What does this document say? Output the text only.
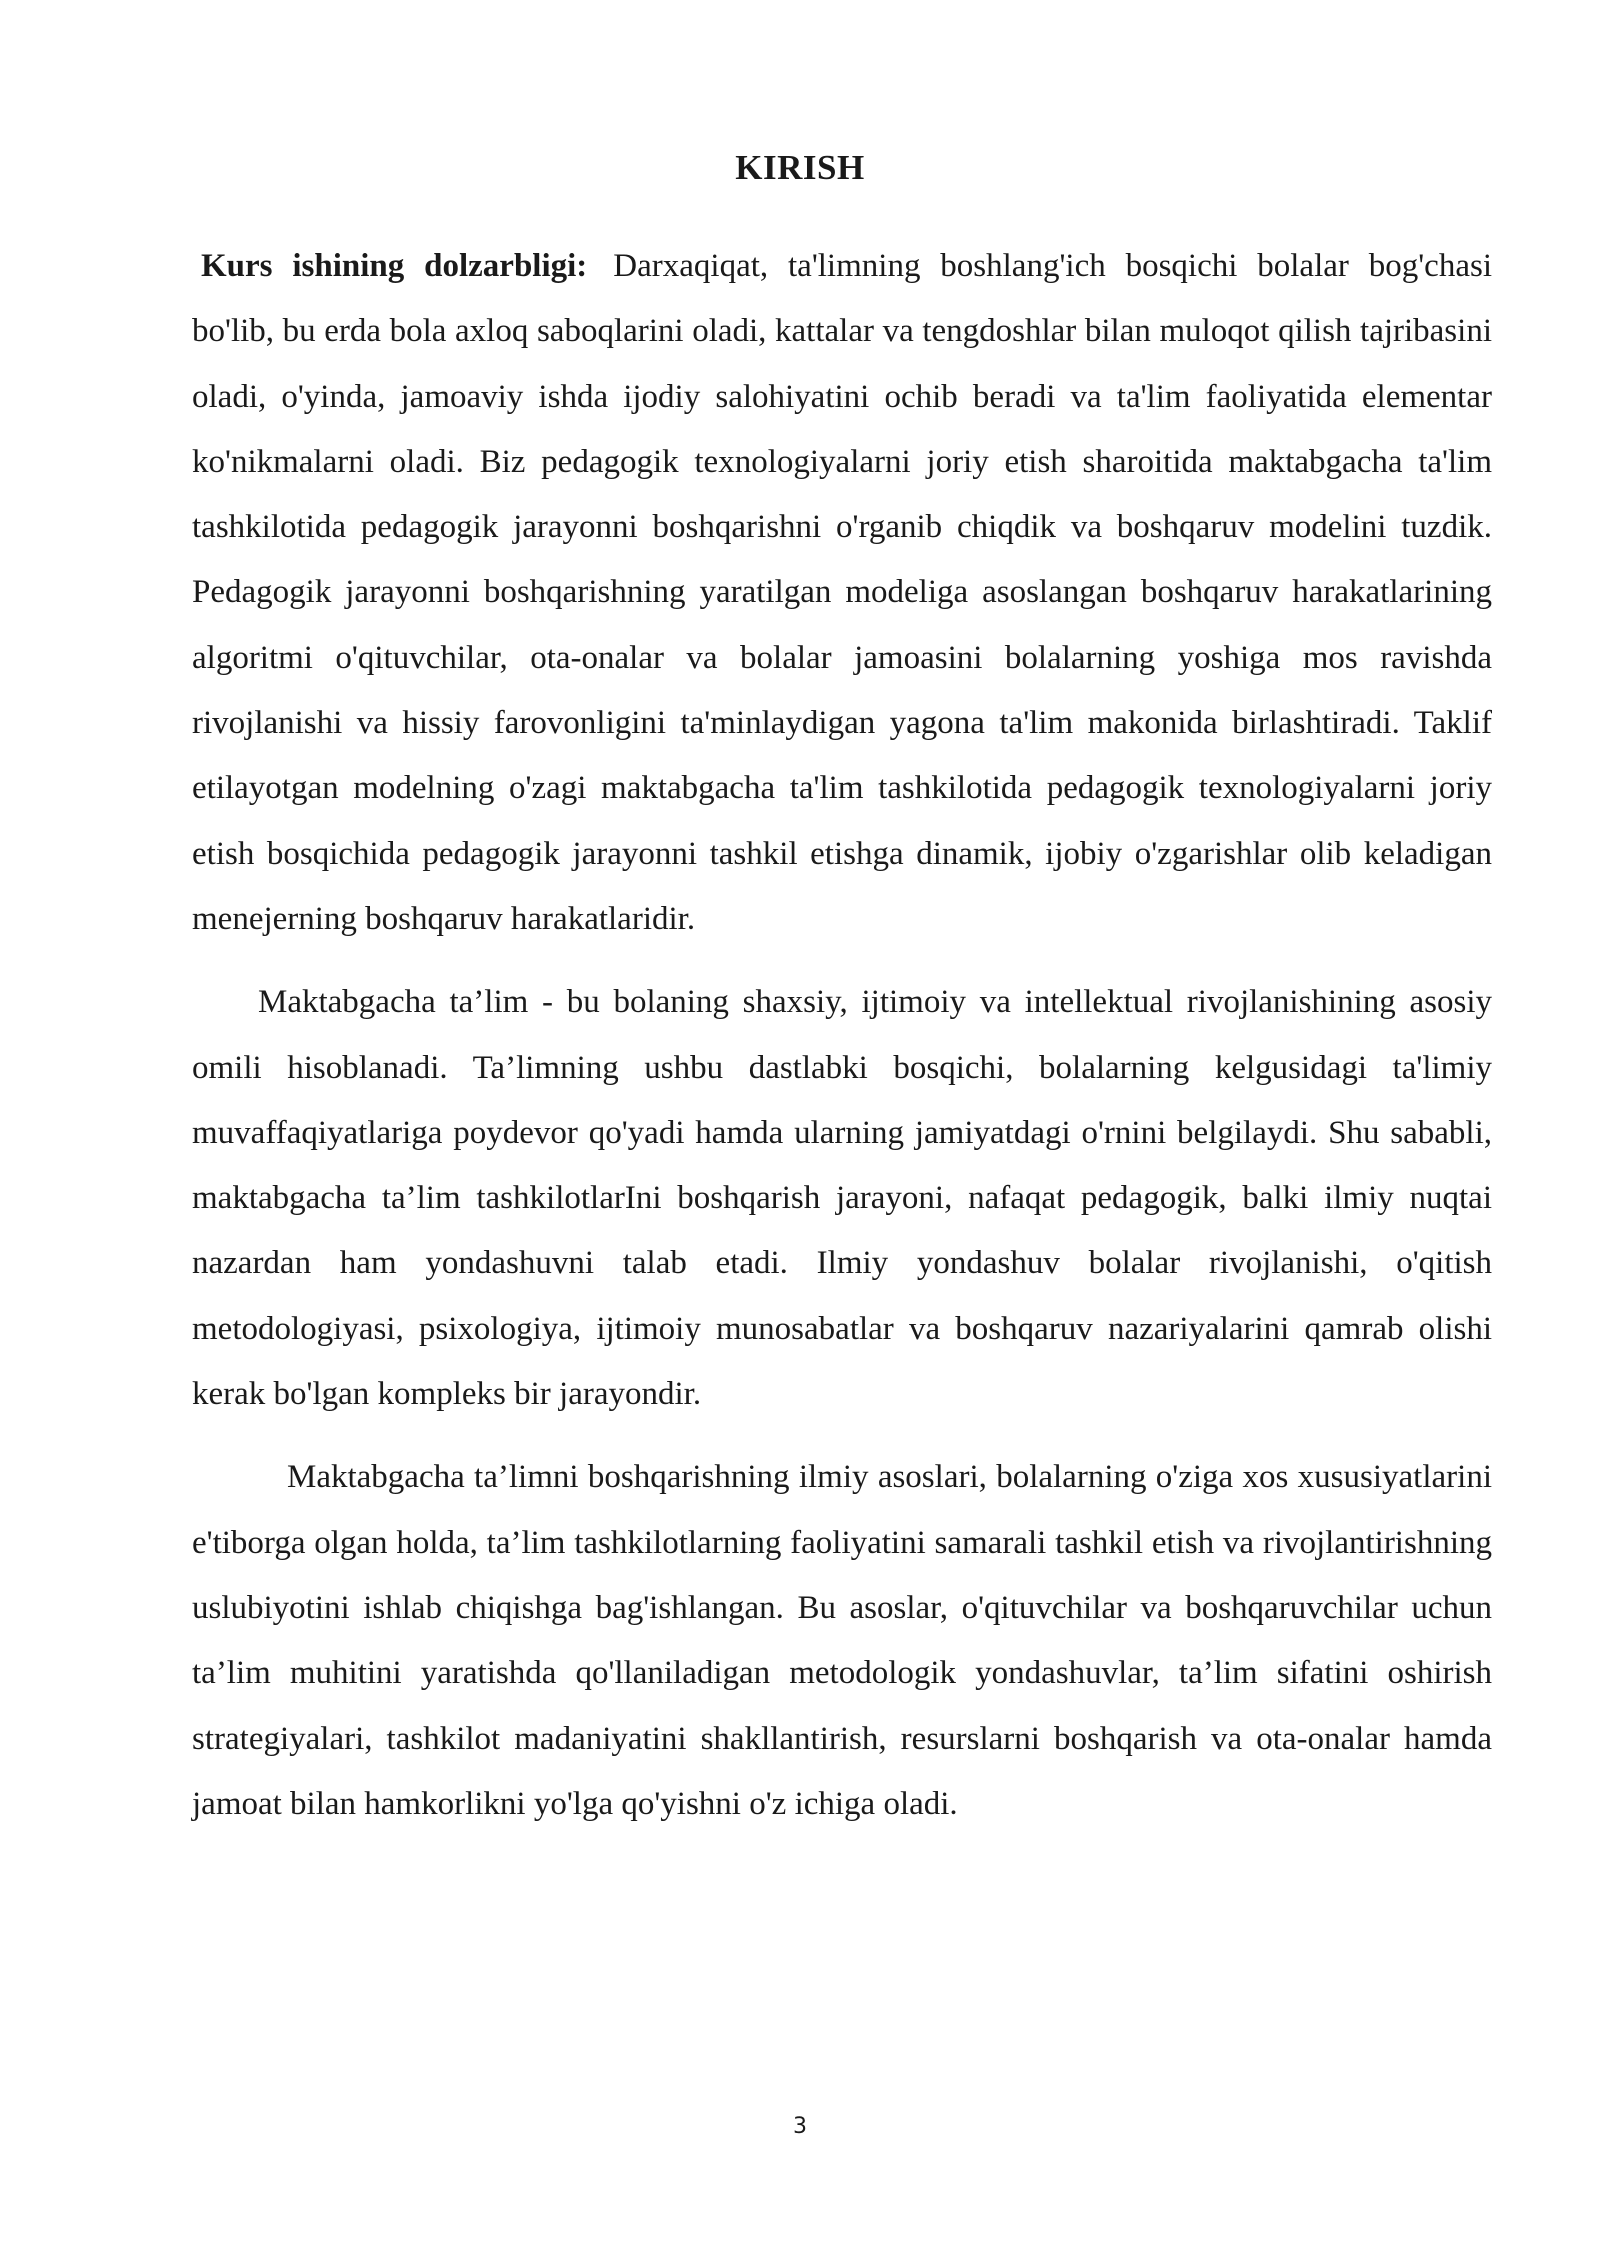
KIRISH

Kurs ishining dolzarbligi: Darxaqiqat, ta'limning boshlang'ich bosqichi bolalar bog'chasi bo'lib, bu erda bola axloq saboqlarini oladi, kattalar va tengdoshlar bilan muloqot qilish tajribasini oladi, o'yinda, jamoaviy ishda ijodiy salohiyatini ochib beradi va ta'lim faoliyatida elementar ko'nikmalarni oladi. Biz pedagogik texnologiyalarni joriy etish sharoitida maktabgacha ta'lim tashkilotida pedagogik jarayonni boshqarishni o'rganib chiqdik va boshqaruv modelini tuzdik. Pedagogik jarayonni boshqarishning yaratilgan modeliga asoslangan boshqaruv harakatlarining algoritmi o'qituvchilar, ota-onalar va bolalar jamoasini bolalarning yoshiga mos ravishda rivojlanishi va hissiy farovonligini ta'minlaydigan yagona ta'lim makonida birlashtiradi. Taklif etilayotgan modelning o'zagi maktabgacha ta'lim tashkilotida pedagogik texnologiyalarni joriy etish bosqichida pedagogik jarayonni tashkil etishga dinamik, ijobiy o'zgarishlar olib keladigan menejerning boshqaruv harakatlaridir.

Maktabgacha ta’lim - bu bolaning shaxsiy, ijtimoiy va intellektual rivojlanishining asosiy omili hisoblanadi. Ta’limning ushbu dastlabki bosqichi, bolalarning kelgusidagi ta'limiy muvaffaqiyatlariga poydevor qo'yadi hamda ularning jamiyatdagi o'rnini belgilaydi. Shu sababli, maktabgacha ta’lim tashkilotlarIni boshqarish jarayoni, nafaqat pedagogik, balki ilmiy nuqtai nazardan ham yondashuvni talab etadi. Ilmiy yondashuv bolalar rivojlanishi, o'qitish metodologiyasi, psixologiya, ijtimoiy munosabatlar va boshqaruv nazariyalarini qamrab olishi kerak bo'lgan kompleks bir jarayondir.

Maktabgacha ta’limni boshqarishning ilmiy asoslari, bolalarning o'ziga xos xususiyatlarini e'tiborga olgan holda, ta’lim tashkilotlarning faoliyatini samarali tashkil etish va rivojlantirishning uslubiyotini ishlab chiqishga bag'ishlangan. Bu asoslar, o'qituvchilar va boshqaruvchilar uchun ta’lim muhitini yaratishda qo'llaniladigan metodologik yondashuvlar, ta’lim sifatini oshirish strategiyalari, tashkilot madaniyatini shakllantirish, resurslarni boshqarish va ota-onalar hamda jamoat bilan hamkorlikni yo'lga qo'yishni o'z ichiga oladi.

3
